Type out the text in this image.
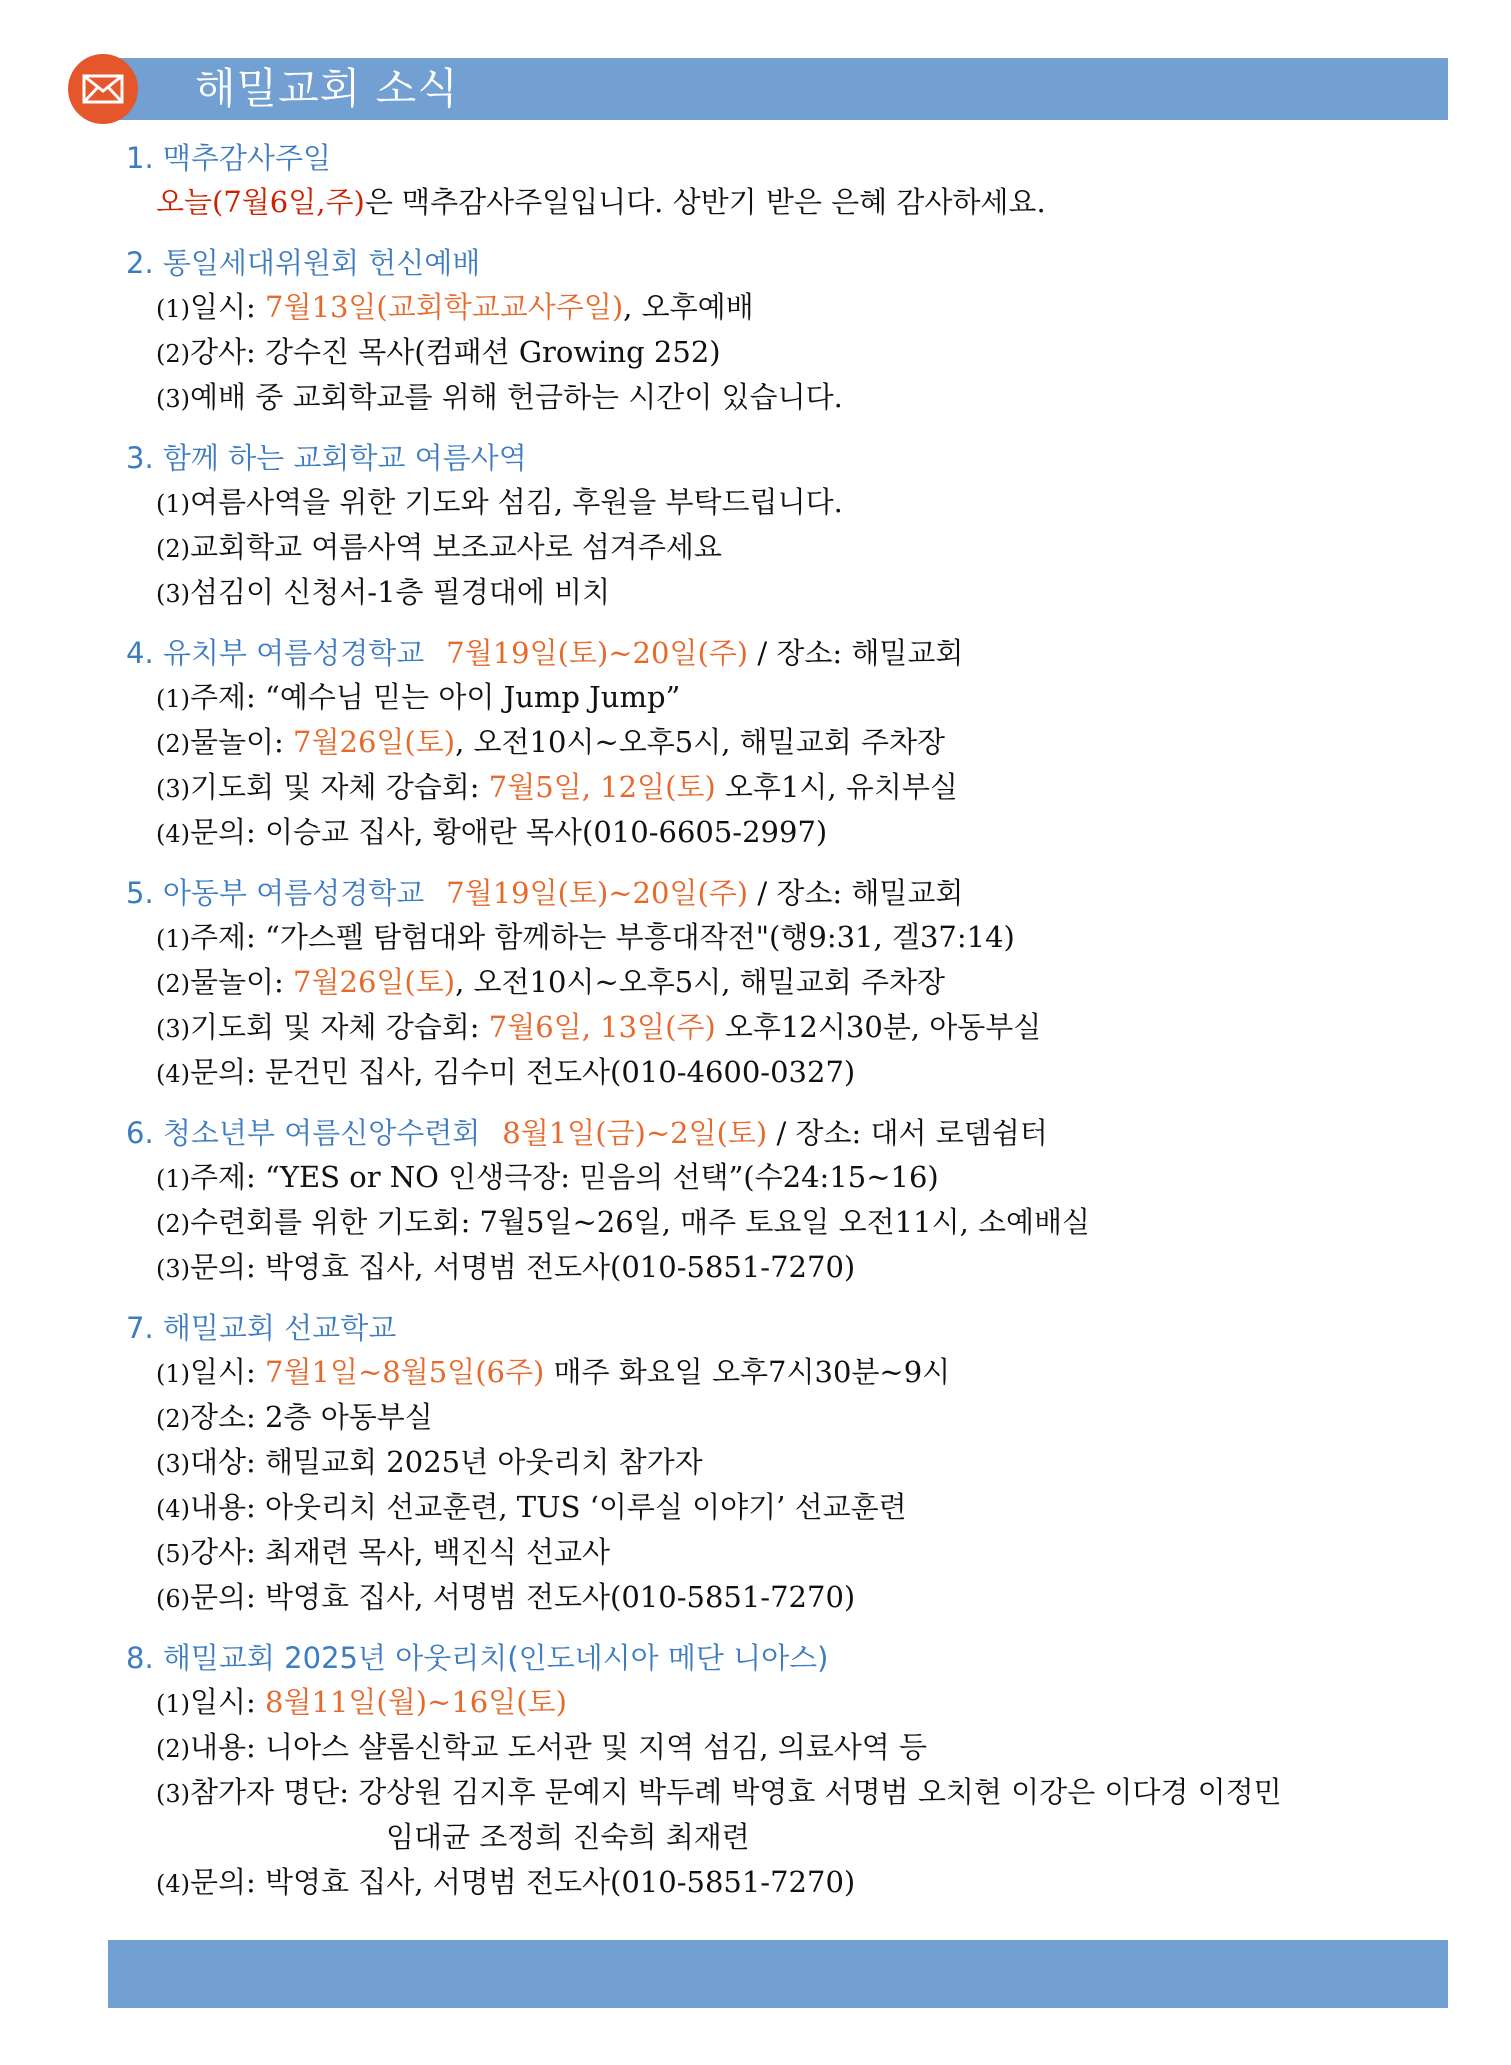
해밀교회 소식
1. 맥추감사주일
오늘(7월6일,주)은 맥추감사주일입니다. 상반기 받은 은혜 감사하세요.
2. 통일세대위원회 헌신예배
(1)일시: 7월13일(교회학교교사주일), 오후예배
(2)강사: 강수진 목사(컴패션 Growing 252)
(3)예배 중 교회학교를 위해 헌금하는 시간이 있습니다.
3. 함께 하는 교회학교 여름사역
(1)여름사역을 위한 기도와 섬김, 후원을 부탁드립니다.
(2)교회학교 여름사역 보조교사로 섬겨주세요
(3)섬김이 신청서-1층 필경대에 비치
4. 유치부 여름성경학교 7월19일(토)~20일(주) / 장소: 해밀교회
(1)주제: “예수님 믿는 아이 Jump Jump”
(2)물놀이: 7월26일(토), 오전10시~오후5시, 해밀교회 주차장
(3)기도회 및 자체 강습회: 7월5일, 12일(토) 오후1시, 유치부실
(4)문의: 이승교 집사, 황애란 목사(010-6605-2997)
5. 아동부 여름성경학교 7월19일(토)~20일(주) / 장소: 해밀교회
(1)주제: “가스펠 탐험대와 함께하는 부흥대작전"(행9:31, 겔37:14)
(2)물놀이: 7월26일(토), 오전10시~오후5시, 해밀교회 주차장
(3)기도회 및 자체 강습회: 7월6일, 13일(주) 오후12시30분, 아동부실
(4)문의: 문건민 집사, 김수미 전도사(010-4600-0327)
6. 청소년부 여름신앙수련회 8월1일(금)~2일(토) / 장소: 대서 로뎀쉼터
(1)주제: “YES or NO 인생극장: 믿음의 선택”(수24:15~16)
(2)수련회를 위한 기도회: 7월5일~26일, 매주 토요일 오전11시, 소예배실
(3)문의: 박영효 집사, 서명범 전도사(010-5851-7270)
7. 해밀교회 선교학교
(1)일시: 7월1일~8월5일(6주) 매주 화요일 오후7시30분~9시
(2)장소: 2층 아동부실
(3)대상: 해밀교회 2025년 아웃리치 참가자
(4)내용: 아웃리치 선교훈련, TUS ‘이루실 이야기’ 선교훈련
(5)강사: 최재련 목사, 백진식 선교사
(6)문의: 박영효 집사, 서명범 전도사(010-5851-7270)
8. 해밀교회 2025년 아웃리치(인도네시아 메단 니아스)
(1)일시: 8월11일(월)~16일(토)
(2)내용: 니아스 샬롬신학교 도서관 및 지역 섬김, 의료사역 등
(3)참가자 명단: 강상원 김지후 문예지 박두례 박영효 서명범 오치현 이강은 이다경 이정민
임대균 조정희 진숙희 최재련
(4)문의: 박영효 집사, 서명범 전도사(010-5851-7270)
